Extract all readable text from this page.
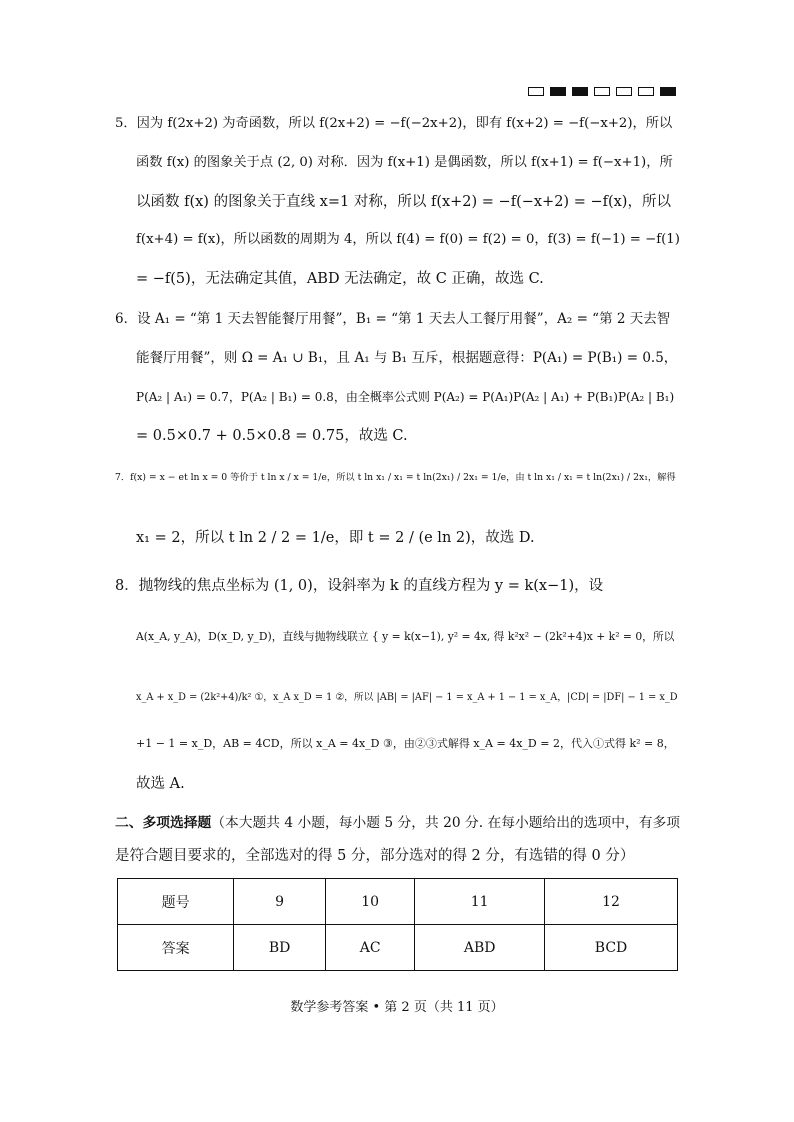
5．因为 f(2x+2) 为奇函数，所以 f(2x+2) = −f(−2x+2)，即有 f(x+2) = −f(−x+2)，所以
函数 f(x) 的图象关于点 (2, 0) 对称．因为 f(x+1) 是偶函数，所以 f(x+1) = f(−x+1)，所
以函数 f(x) 的图象关于直线 x=1 对称，所以 f(x+2) = −f(−x+2) = −f(x)，所以
f(x+4) = f(x)，所以函数的周期为 4，所以 f(4) = f(0) = f(2) = 0，f(3) = f(−1) = −f(1)
= −f(5)，无法确定其值，ABD 无法确定，故 C 正确，故选 C.
6．设 A₁ = “第 1 天去智能餐厅用餐”，B₁ = “第 1 天去人工餐厅用餐”，A₂ = “第 2 天去智
能餐厅用餐”，则 Ω = A₁ ∪ B₁，且 A₁ 与 B₁ 互斥，根据题意得：P(A₁) = P(B₁) = 0.5，
P(A₂ | A₁) = 0.7，P(A₂ | B₁) = 0.8，由全概率公式则 P(A₂) = P(A₁)P(A₂ | A₁) + P(B₁)P(A₂ | B₁)
= 0.5×0.7 + 0.5×0.8 = 0.75，故选 C.
7．f(x) = x − et ln x = 0 等价于 t ln x / x = 1/e，所以 t ln x₁ / x₁ = t ln(2x₁) / 2x₁ = 1/e，由 t ln x₁ / x₁ = t ln(2x₁) / 2x₁，解得
x₁ = 2，所以 t ln 2 / 2 = 1/e，即 t = 2 / (e ln 2)，故选 D.
8．抛物线的焦点坐标为 (1, 0)，设斜率为 k 的直线方程为 y = k(x−1)，设
A(x_A, y_A)，D(x_D, y_D)，直线与抛物线联立 { y = k(x−1), y² = 4x, 得 k²x² − (2k²+4)x + k² = 0，所以
x_A + x_D = (2k²+4)/k² ①，x_A x_D = 1 ②，所以 |AB| = |AF| − 1 = x_A + 1 − 1 = x_A，|CD| = |DF| − 1 = x_D
+1 − 1 = x_D，AB = 4CD，所以 x_A = 4x_D ③，由②③式解得 x_A = 4x_D = 2，代入①式得 k² = 8，
故选 A.
二、多项选择题（本大题共 4 小题，每小题 5 分，共 20 分. 在每小题给出的选项中，有多项
是符合题目要求的，全部选对的得 5 分，部分选对的得 2 分，有选错的得 0 分）
题号	9	10	11	12
答案	BD	AC	ABD	BCD
数学参考答案 • 第 2 页（共 11 页）
